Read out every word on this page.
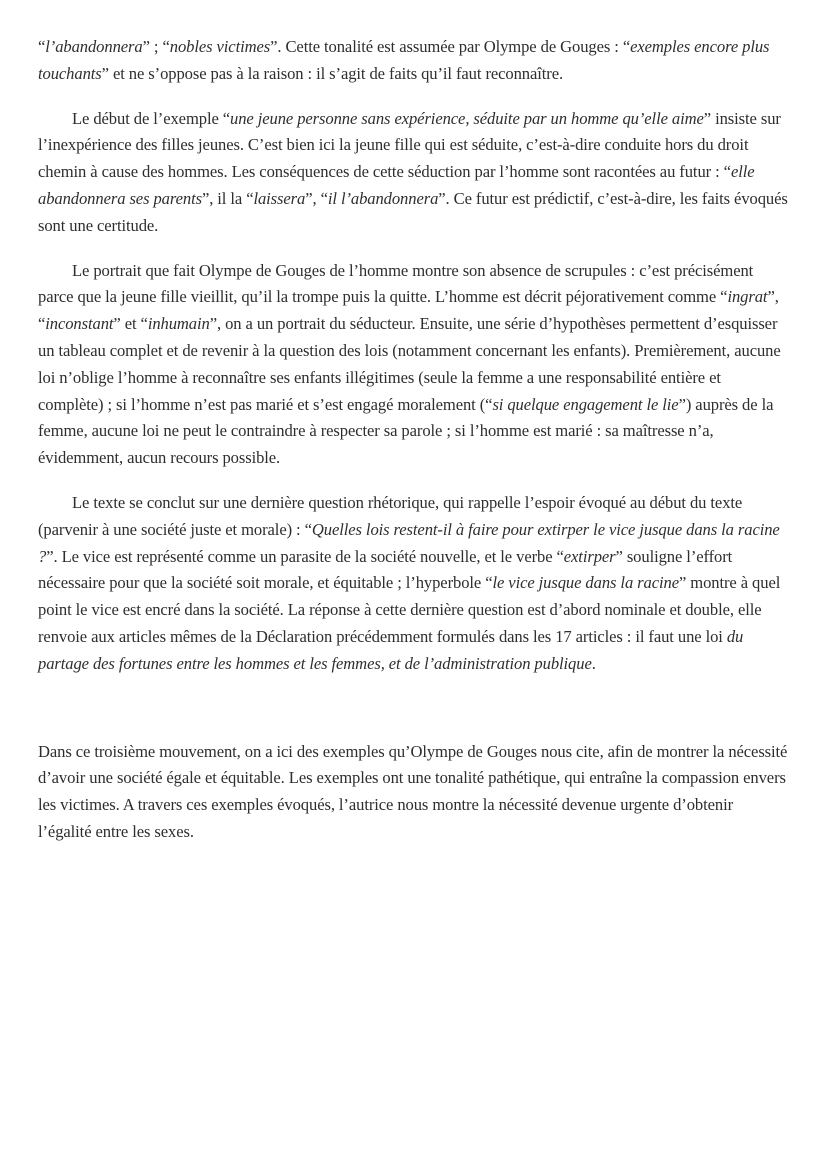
“l’abandonnera” ; “nobles victimes”. Cette tonalité est assumée par Olympe de Gouges : “exemples encore plus touchants” et ne s’oppose pas à la raison : il s’agit de faits qu’il faut reconnaître.

Le début de l’exemple “une jeune personne sans expérience, séduite par un homme qu’elle aime” insiste sur l’inexpérience des filles jeunes. C’est bien ici la jeune fille qui est séduite, c’est-à-dire conduite hors du droit chemin à cause des hommes. Les conséquences de cette séduction par l’homme sont racontées au futur : “elle abandonnera ses parents”, il la “laissera”, “il l’abandonnera”. Ce futur est prédictif, c’est-à-dire, les faits évoqués sont une certitude.

Le portrait que fait Olympe de Gouges de l’homme montre son absence de scrupules : c’est précisément parce que la jeune fille vieillit, qu’il la trompe puis la quitte. L’homme est décrit péjorativement comme “ingrat”, “inconstant” et “inhumain”, on a un portrait du séducteur. Ensuite, une série d’hypothèses permettent d’esquisser un tableau complet et de revenir à la question des lois (notamment concernant les enfants). Premièrement, aucune loi n’oblige l’homme à reconnaître ses enfants illégitimes (seule la femme a une responsabilité entière et complète) ; si l’homme n’est pas marié et s’est engagé moralement (“si quelque engagement le lie”) auprès de la femme, aucune loi ne peut le contraindre à respecter sa parole ; si l’homme est marié : sa maîtresse n’a, évidemment, aucun recours possible.

Le texte se conclut sur une dernière question rhétorique, qui rappelle l’espoir évoqué au début du texte (parvenir à une société juste et morale) : “Quelles lois restent-il à faire pour extirper le vice jusque dans la racine ?”. Le vice est représenté comme un parasite de la société nouvelle, et le verbe “extirper” souligne l’effort nécessaire pour que la société soit morale, et équitable ; l’hyperbole “le vice jusque dans la racine” montre à quel point le vice est encré dans la société. La réponse à cette dernière question est d’abord nominale et double, elle renvoie aux articles mêmes de la Déclaration précédemment formulés dans les 17 articles : il faut une loi du partage des fortunes entre les hommes et les femmes, et de l’administration publique.

Dans ce troisième mouvement, on a ici des exemples qu’Olympe de Gouges nous cite, afin de montrer la nécessité d’avoir une société égale et équitable. Les exemples ont une tonalité pathétique, qui entraîne la compassion envers les victimes. A travers ces exemples évoqués, l’autrice nous montre la nécessité devenue urgente d’obtenir l’égalité entre les sexes.
